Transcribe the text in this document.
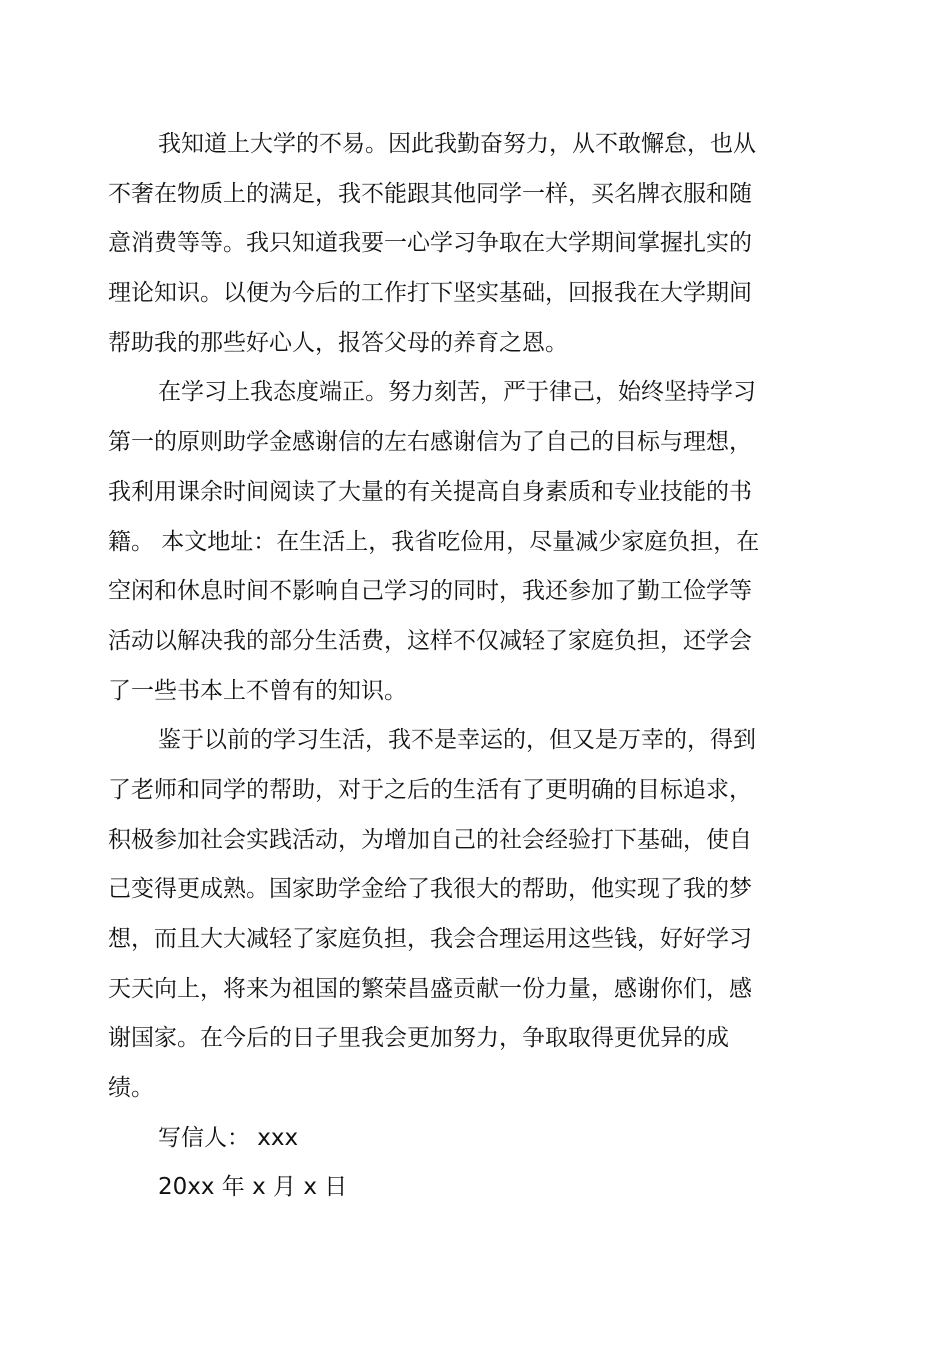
我知道上大学的不易。因此我勤奋努力，从不敢懈怠，也从
不奢在物质上的满足，我不能跟其他同学一样，买名牌衣服和随
意消费等等。我只知道我要一心学习争取在大学期间掌握扎实的
理论知识。以便为今后的工作打下坚实基础，回报我在大学期间
帮助我的那些好心人，报答父母的养育之恩。
在学习上我态度端正。努力刻苦，严于律己，始终坚持学习
第一的原则助学金感谢信的左右感谢信为了自己的目标与理想，
我利用课余时间阅读了大量的有关提高自身素质和专业技能的书
籍。 本文地址：在生活上，我省吃俭用，尽量减少家庭负担，在
空闲和休息时间不影响自己学习的同时，我还参加了勤工俭学等
活动以解决我的部分生活费，这样不仅减轻了家庭负担，还学会
了一些书本上不曾有的知识。
鉴于以前的学习生活，我不是幸运的，但又是万幸的，得到
了老师和同学的帮助，对于之后的生活有了更明确的目标追求，
积极参加社会实践活动，为增加自己的社会经验打下基础，使自
己变得更成熟。国家助学金给了我很大的帮助，他实现了我的梦
想，而且大大减轻了家庭负担，我会合理运用这些钱，好好学习
天天向上，将来为祖国的繁荣昌盛贡献一份力量，感谢你们，感
谢国家。在今后的日子里我会更加努力，争取取得更优异的成
绩。
写信人： xxx
20xx 年 x 月 x 日
